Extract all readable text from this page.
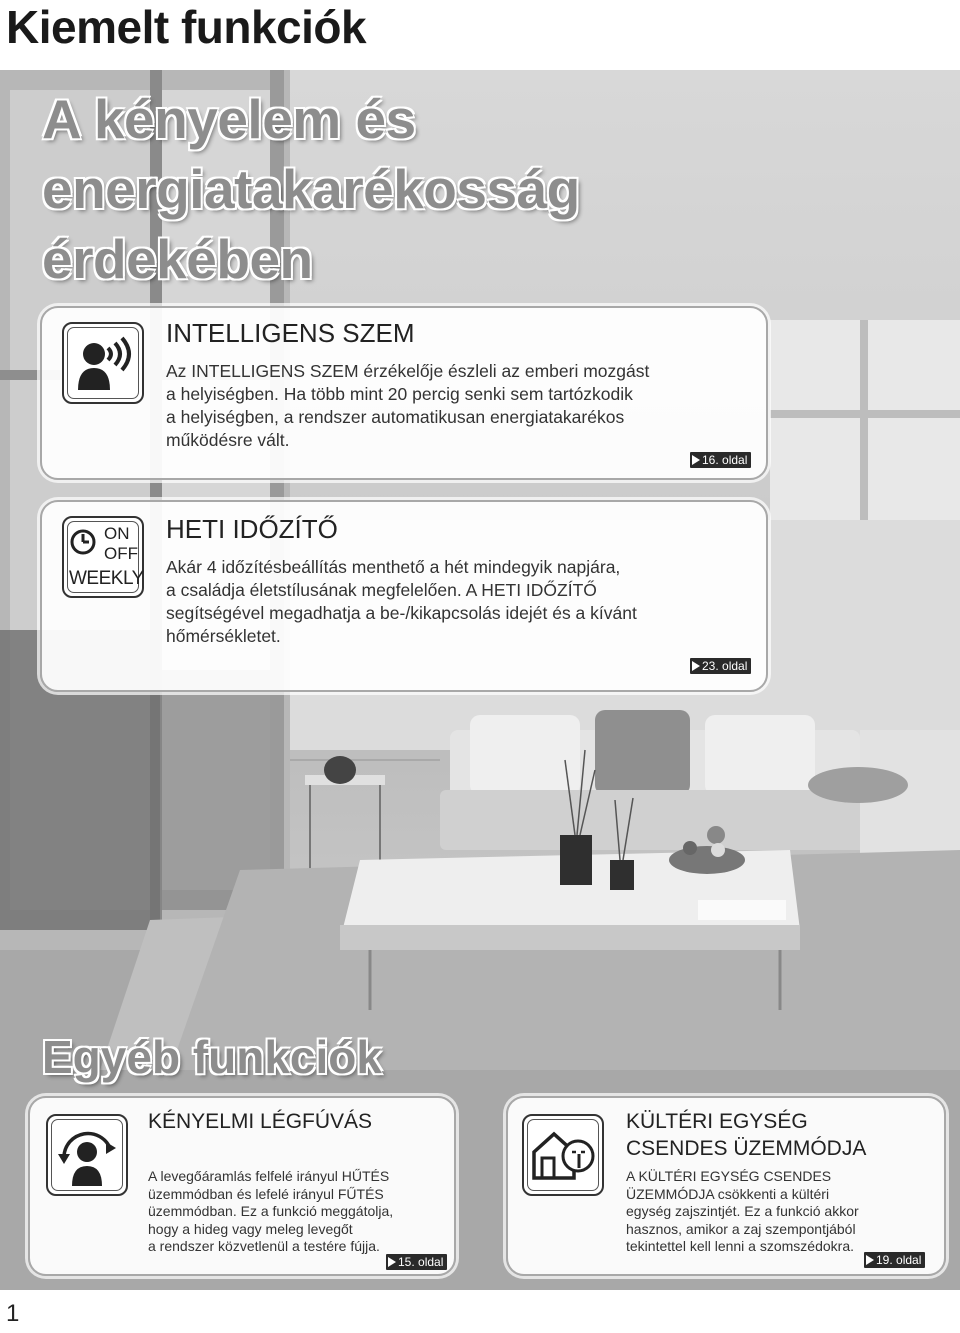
Kiemelt funkciók
A kényelem és
energiatakarékosság
érdekében
INTELLIGENS SZEM

Az INTELLIGENS SZEM érzékelője észleli az emberi mozgást
a helyiségben. Ha több mint 20 percig senki sem tartózkodik
a helyiségben, a rendszer automatikusan energiatakarékos
működésre vált.

16. oldal
ON
OFF
WEEKLY
HETI IDŐZÍTŐ

Akár 4 időzítésbeállítás menthető a hét mindegyik napjára,
a családja életstílusának megfelelően. A HETI IDŐZÍTŐ
segítségével megadhatja a be-/kikapcsolás idejét és a kívánt
hőmérsékletet.

23. oldal
Egyéb funkciók
KÉNYELMI LÉGFÚVÁS

A levegőáramlás felfelé irányul HŰTÉS
üzemmódban és lefelé irányul FŰTÉS
üzemmódban. Ez a funkció meggátolja,
hogy a hideg vagy meleg levegőt
a rendszer közvetlenül a testére fújja.

15. oldal
KÜLTÉRI EGYSÉG
CSENDES ÜZEMMÓDJA

A KÜLTÉRI EGYSÉG CSENDES
ÜZEMMÓDJA csökkenti a kültéri
egység zajszintjét. Ez a funkció akkor
hasznos, amikor a zaj szempontjából
tekintettel kell lenni a szomszédokra.

19. oldal
1
